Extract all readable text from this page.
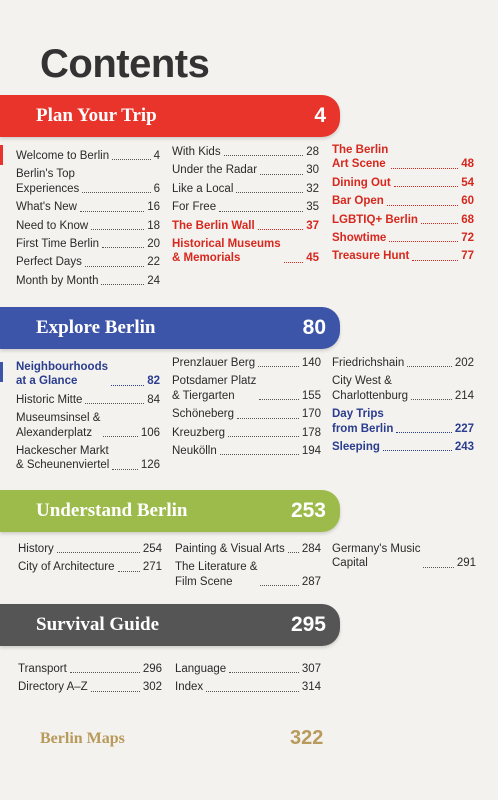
Contents
Plan Your Trip	4
Welcome to Berlin	4
Berlin's Top
Experiences	6
What's New	16
Need to Know	18
First Time Berlin	20
Perfect Days	22
Month by Month	24
With Kids	28
Under the Radar	30
Like a Local	32
For Free	35
The Berlin Wall	37
Historical Museums
& Memorials	45
The Berlin
Art Scene	48
Dining Out	54
Bar Open	60
LGBTIQ+ Berlin	68
Showtime	72
Treasure Hunt	77
Explore Berlin	80
Neighbourhoods
at a Glance	82
Historic Mitte	84
Museumsinsel &
Alexanderplatz	106
Hackescher Markt
& Scheunenviertel	126
Prenzlauer Berg	140
Potsdamer Platz
& Tiergarten	155
Schöneberg	170
Kreuzberg	178
Neukölln	194
Friedrichshain	202
City West &
Charlottenburg	214
Day Trips
from Berlin	227
Sleeping	243
Understand Berlin	253
History	254
City of Architecture 271
Painting & Visual Arts 284
The Literature &
Film Scene	287
Germany's Music
Capital	291
Survival Guide	295
Transport	296
Directory A–Z	302
Language	307
Index	314
Berlin Maps	322
